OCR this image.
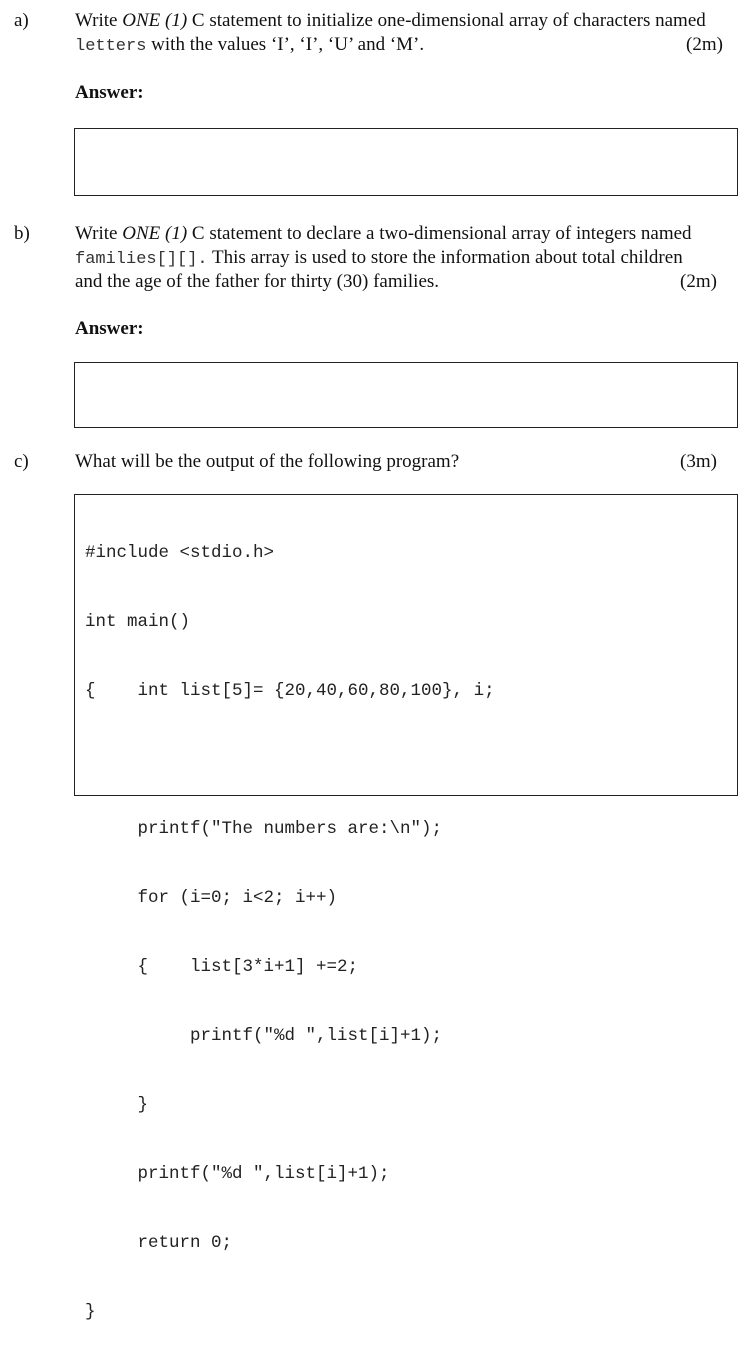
a) Write ONE (1) C statement to initialize one-dimensional array of characters named
letters with the values ‘I’, ‘I’, ‘U’ and ‘M’.	(2m)
Answer:
b) Write ONE (1) C statement to declare a two-dimensional array of integers named
families[][]. This array is used to store the information about total children
and the age of the father for thirty (30) families.	(2m)
Answer:
c) What will be the output of the following program?	(3m)

#include <stdio.h>

int main()

{    int list[5]= {20,40,60,80,100}, i;

printf("The numbers are:\n");

for (i=0; i<2; i++)

{    list[3*i+1] +=2;

printf("%d ",list[i]+1);

}

printf("%d ",list[i]+1);

return 0;

}
